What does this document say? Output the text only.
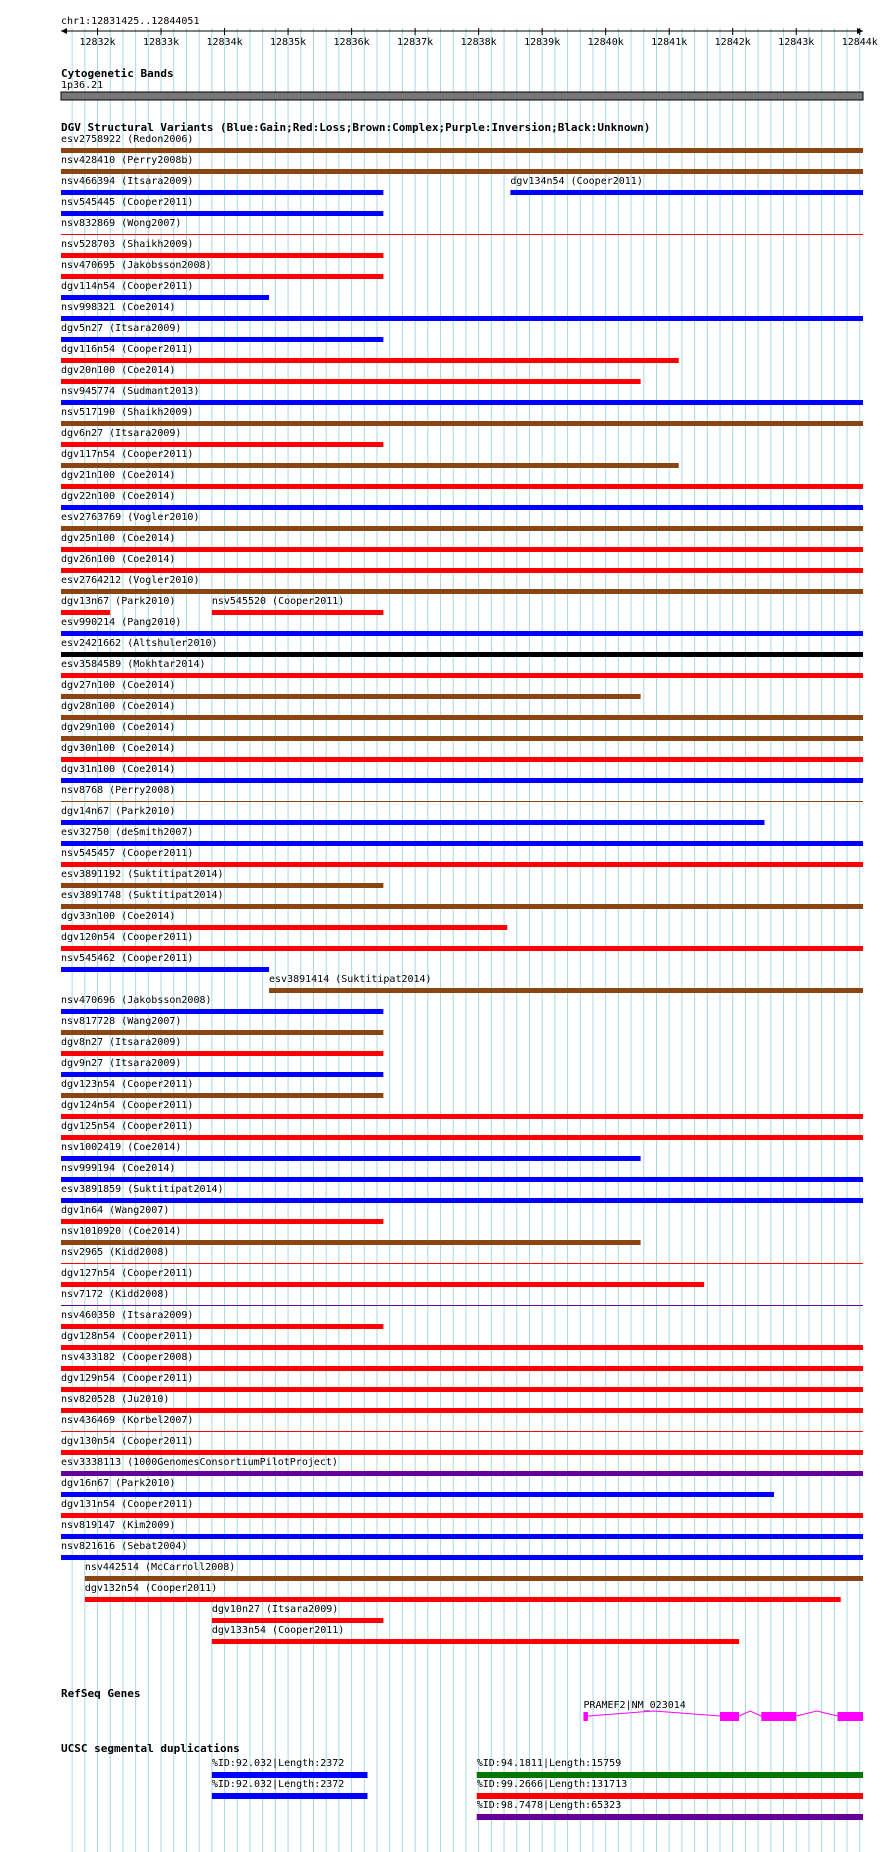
chr1:12831425..12844051
12832k	12833k	12834k	12835k	12836k	12837k	12838k	12839k	12840k	12841k	12842k	12843k	12844k
Cytogenetic Bands
1p36.21
DGV Structural Variants (Blue:Gain;Red:Loss;Brown:Complex;Purple:Inversion;Black:Unknown)
esv2758922 (Redon2006)
nsv428410 (Perry2008b)
nsv466394 (Itsara2009)	dgv134n54 (Cooper2011)
nsv545445 (Cooper2011)
nsv832869 (Wong2007)
nsv528703 (Shaikh2009)
nsv470695 (Jakobsson2008)
dgv114n54 (Cooper2011)
nsv998321 (Coe2014)
dgv5n27 (Itsara2009)
dgv116n54 (Cooper2011)
dgv20n100 (Coe2014)
nsv945774 (Sudmant2013)
nsv517190 (Shaikh2009)
dgv6n27 (Itsara2009)
dgv117n54 (Cooper2011)
dgv21n100 (Coe2014)
dgv22n100 (Coe2014)
esv2763769 (Vogler2010)
dgv25n100 (Coe2014)
dgv26n100 (Coe2014)
esv2764212 (Vogler2010)
dgv13n67 (Park2010)	nsv545520 (Cooper2011)
esv990214 (Pang2010)
esv2421662 (Altshuler2010)
esv3584589 (Mokhtar2014)
dgv27n100 (Coe2014)
dgv28n100 (Coe2014)
dgv29n100 (Coe2014)
dgv30n100 (Coe2014)
dgv31n100 (Coe2014)
nsv8768 (Perry2008)
dgv14n67 (Park2010)
esv32750 (deSmith2007)
nsv545457 (Cooper2011)
esv3891192 (Suktitipat2014)
esv3891748 (Suktitipat2014)
dgv33n100 (Coe2014)
dgv120n54 (Cooper2011)
nsv545462 (Cooper2011)
esv3891414 (Suktitipat2014)
nsv470696 (Jakobsson2008)
nsv817728 (Wang2007)
dgv8n27 (Itsara2009)
dgv9n27 (Itsara2009)
dgv123n54 (Cooper2011)
dgv124n54 (Cooper2011)
dgv125n54 (Cooper2011)
nsv1002419 (Coe2014)
nsv999194 (Coe2014)
esv3891859 (Suktitipat2014)
dgv1n64 (Wang2007)
nsv1010920 (Coe2014)
nsv2965 (Kidd2008)
dgv127n54 (Cooper2011)
nsv7172 (Kidd2008)
nsv460350 (Itsara2009)
dgv128n54 (Cooper2011)
nsv433182 (Cooper2008)
dgv129n54 (Cooper2011)
nsv820528 (Ju2010)
nsv436469 (Korbel2007)
dgv130n54 (Cooper2011)
esv3338113 (1000GenomesConsortiumPilotProject)
dgv16n67 (Park2010)
dgv131n54 (Cooper2011)
nsv819147 (Kim2009)
nsv821616 (Sebat2004)
nsv442514 (McCarroll2008)
dgv132n54 (Cooper2011)
dgv10n27 (Itsara2009)
dgv133n54 (Cooper2011)
RefSeq Genes
PRAMEF2|NM_023014
UCSC segmental duplications
%ID:92.032|Length:2372
%ID:92.032|Length:2372
%ID:94.1811|Length:15759
%ID:99.2666|Length:131713
%ID:98.7478|Length:65323
